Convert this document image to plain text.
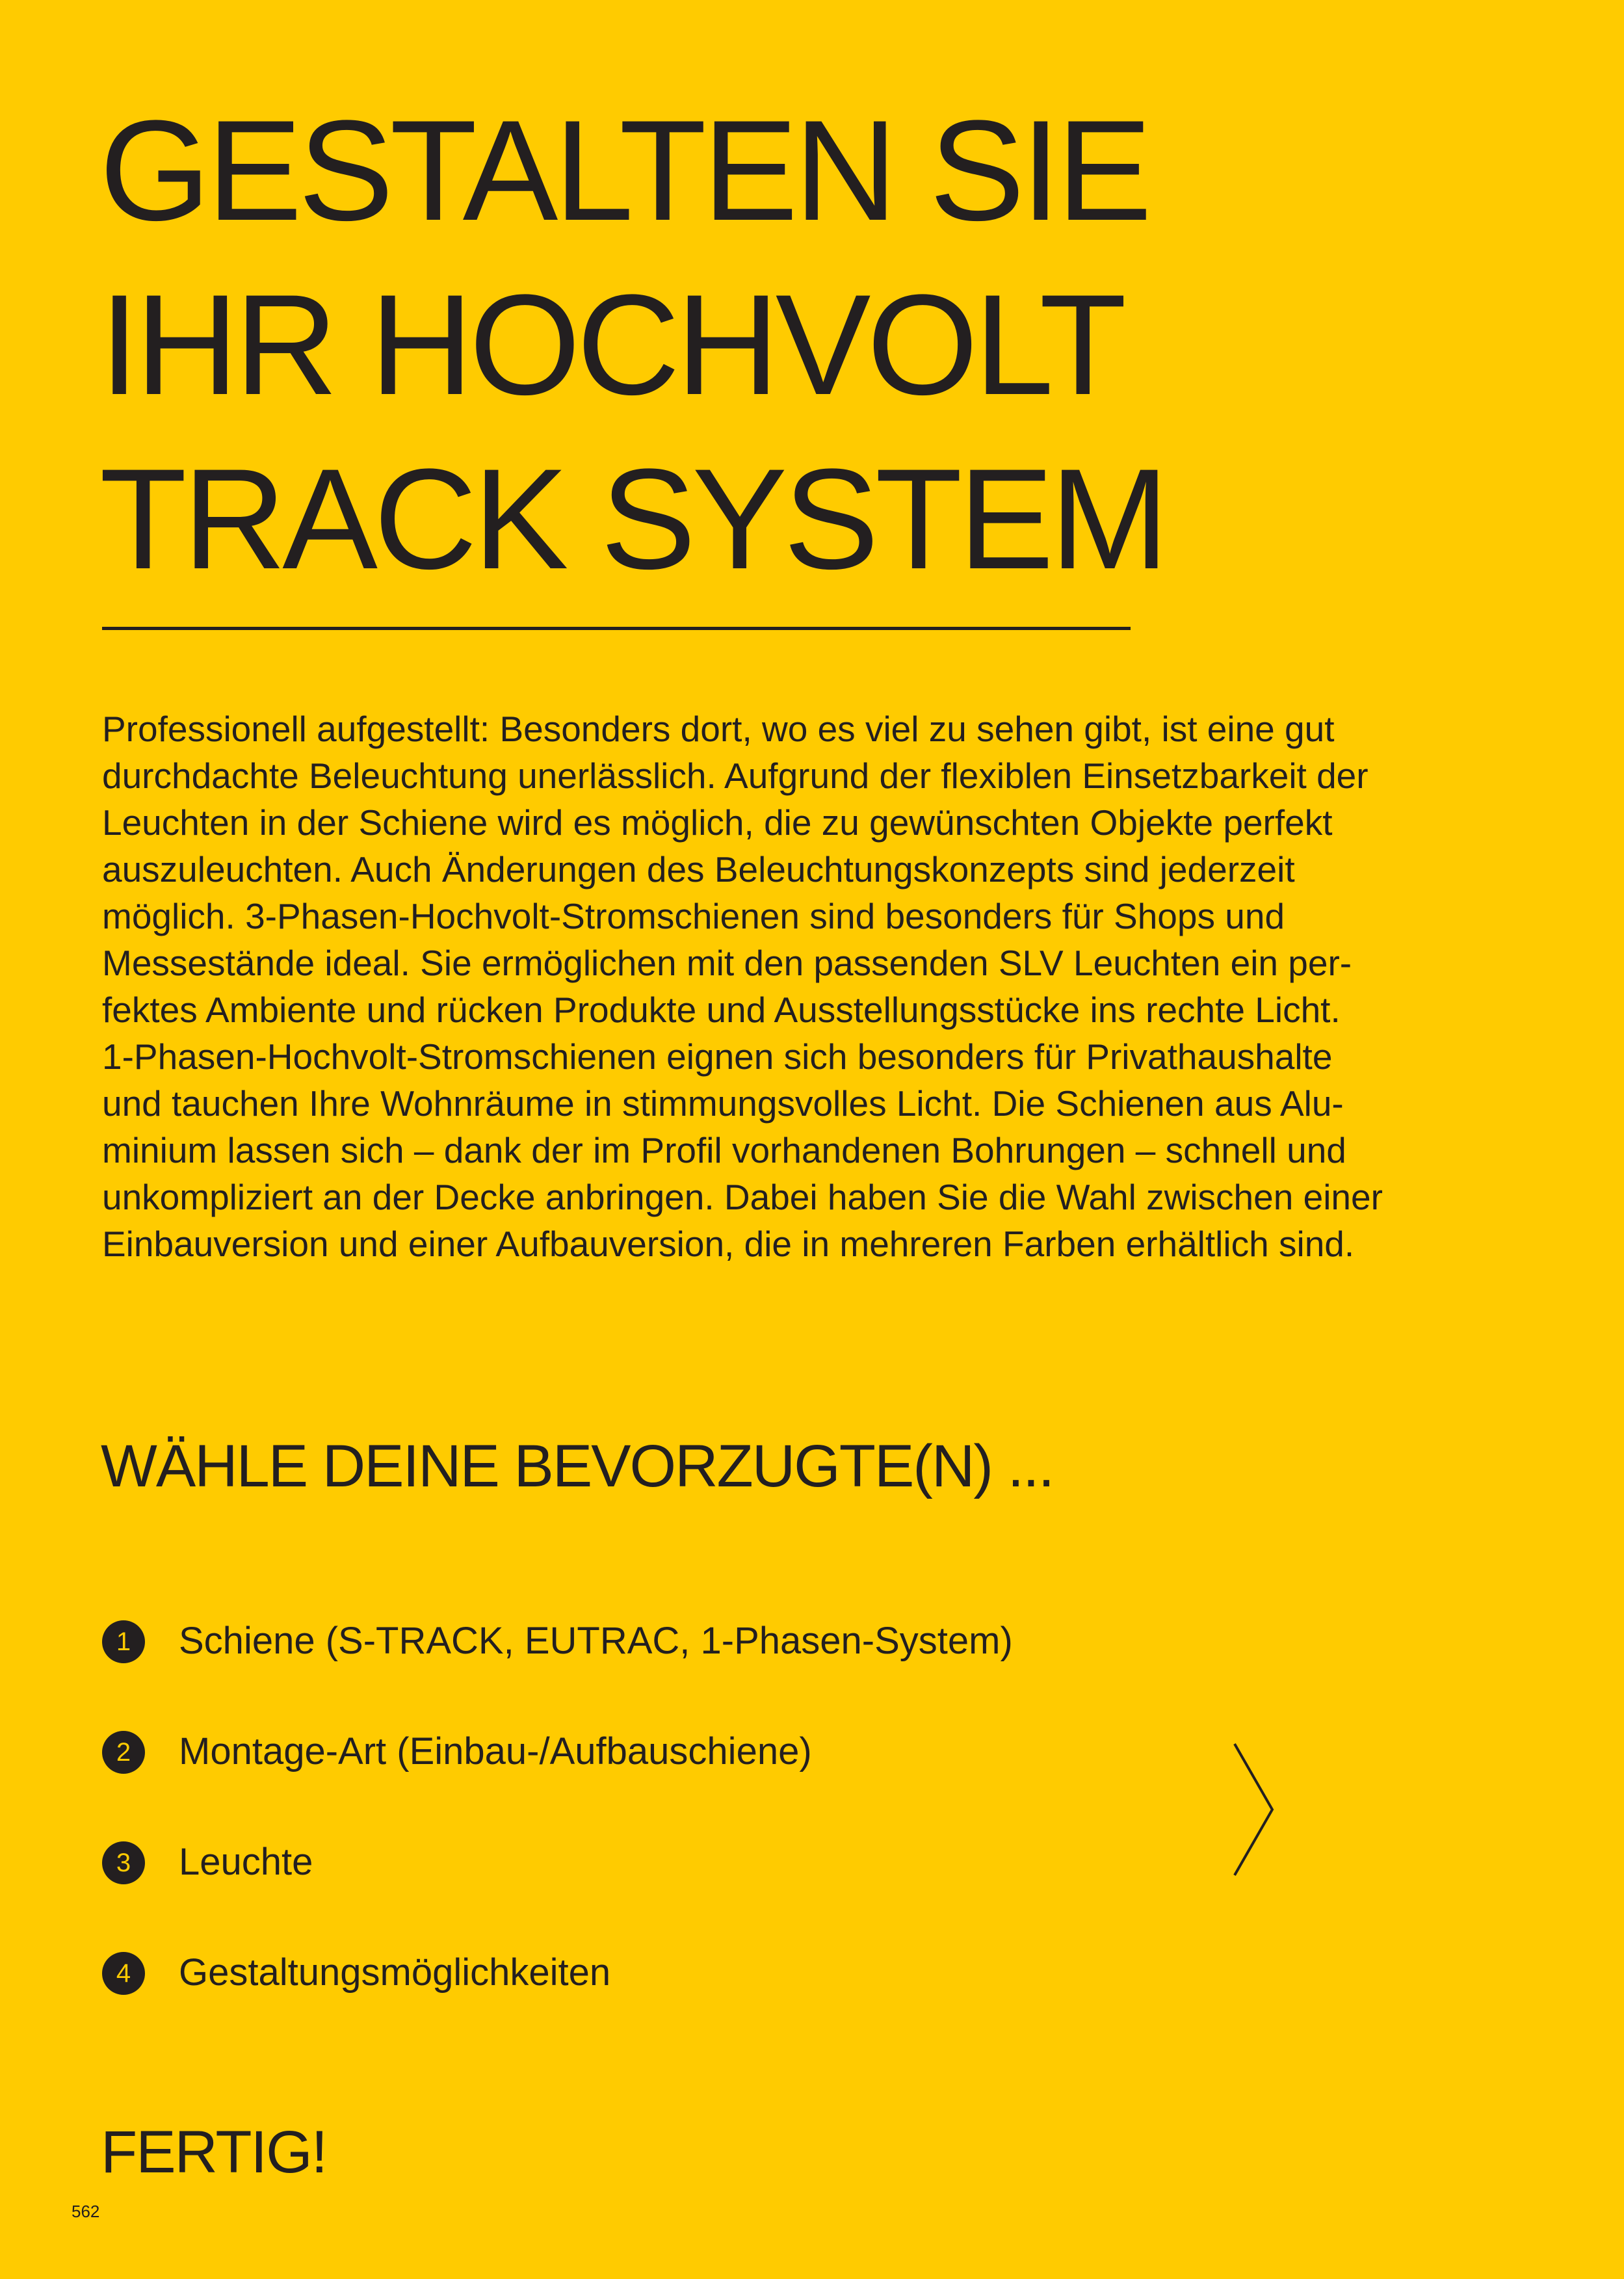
GESTALTEN SIE
IHR HOCHVOLT
TRACK SYSTEM

Professionell aufgestellt: Besonders dort, wo es viel zu sehen gibt, ist eine gut
durchdachte Beleuchtung unerlässlich. Aufgrund der flexiblen Einsetzbarkeit der
Leuchten in der Schiene wird es möglich, die zu gewünschten Objekte perfekt
auszuleuchten. Auch Änderungen des Beleuchtungskonzepts sind jederzeit
möglich. 3-Phasen-Hochvolt-Stromschienen sind besonders für Shops und
Messestände ideal. Sie ermöglichen mit den passenden SLV Leuchten ein per-
fektes Ambiente und rücken Produkte und Ausstellungsstücke ins rechte Licht.
1-Phasen-Hochvolt-Stromschienen eignen sich besonders für Privathaushalte
und tauchen Ihre Wohnräume in stimmungsvolles Licht. Die Schienen aus Alu-
minium lassen sich – dank der im Profil vorhandenen Bohrungen – schnell und
unkompliziert an der Decke anbringen. Dabei haben Sie die Wahl zwischen einer
Einbauversion und einer Aufbauversion, die in mehreren Farben erhältlich sind.

WÄHLE DEINE BEVORZUGTE(N) ...
1	Schiene (S-TRACK, EUTRAC, 1-Phasen-System)
2	Montage-Art (Einbau-/Aufbauschiene)
3	Leuchte
4	Gestaltungsmöglichkeiten
FERTIG!
562
